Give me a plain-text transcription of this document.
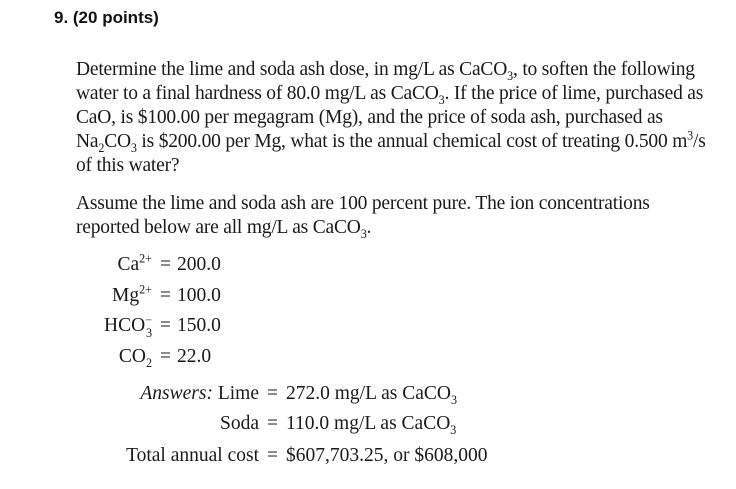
9. (20 points)
Determine the lime and soda ash dose, in mg/L as CaCO$_3$, to soften the following water to a final hardness of 80.0 mg/L as CaCO$_3$. If the price of lime, purchased as CaO, is $100.00 per megagram (Mg), and the price of soda ash, purchased as $Na_2CO_3$ is $200.00 per Mg, what is the annual chemical cost of treating 0.500 $m^3/s$ of this water?
Assume the lime and soda ash are 100 percent pure. The ion concentrations reported below are all mg/L as CaCO$_3$.
$Ca^{2+} = 200.0$
$Mg^{2+} = 100.0$
HCO −
3 = 150.0
$CO_2 = 22.0$
Answers: Lime = 272.0 mg/L as CaCO$_3$
Soda = 110.0 mg/L as CaCO$_3$
Total annual cost = $607,703.25, or $608,000
